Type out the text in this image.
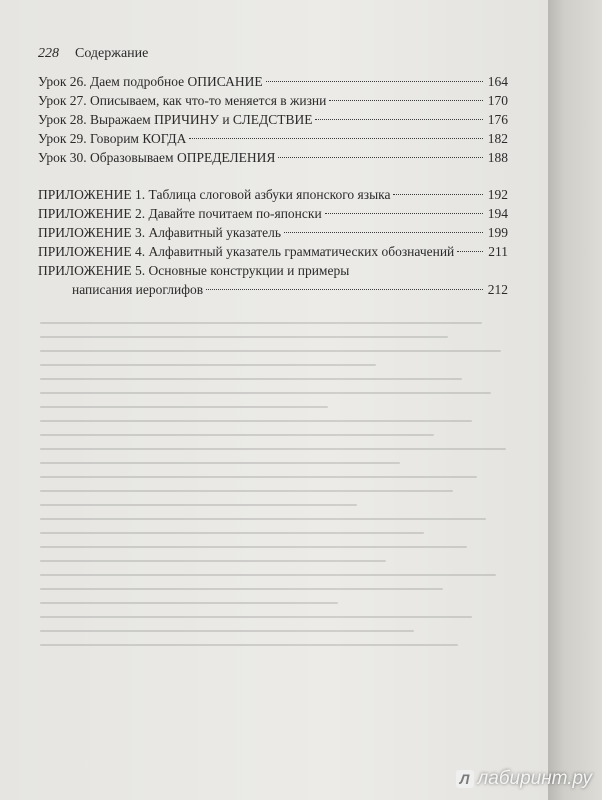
228 Содержание
Урок 26. Даем подробное ОПИСАНИЕ	164
Урок 27. Описываем, как что-то меняется в жизни	170
Урок 28. Выражаем ПРИЧИНУ и СЛЕДСТВИЕ	176
Урок 29. Говорим КОГДА	182
Урок 30. Образовываем ОПРЕДЕЛЕНИЯ	188
ПРИЛОЖЕНИЕ 1. Таблица слоговой азбуки японского языка	192
ПРИЛОЖЕНИЕ 2. Давайте почитаем по-японски	194
ПРИЛОЖЕНИЕ 3. Алфавитный указатель	199
ПРИЛОЖЕНИЕ 4. Алфавитный указатель грамматических обозначений	211
ПРИЛОЖЕНИЕ 5. Основные конструкции и примеры
написания иероглифов	212
Л лабиринт.ру
